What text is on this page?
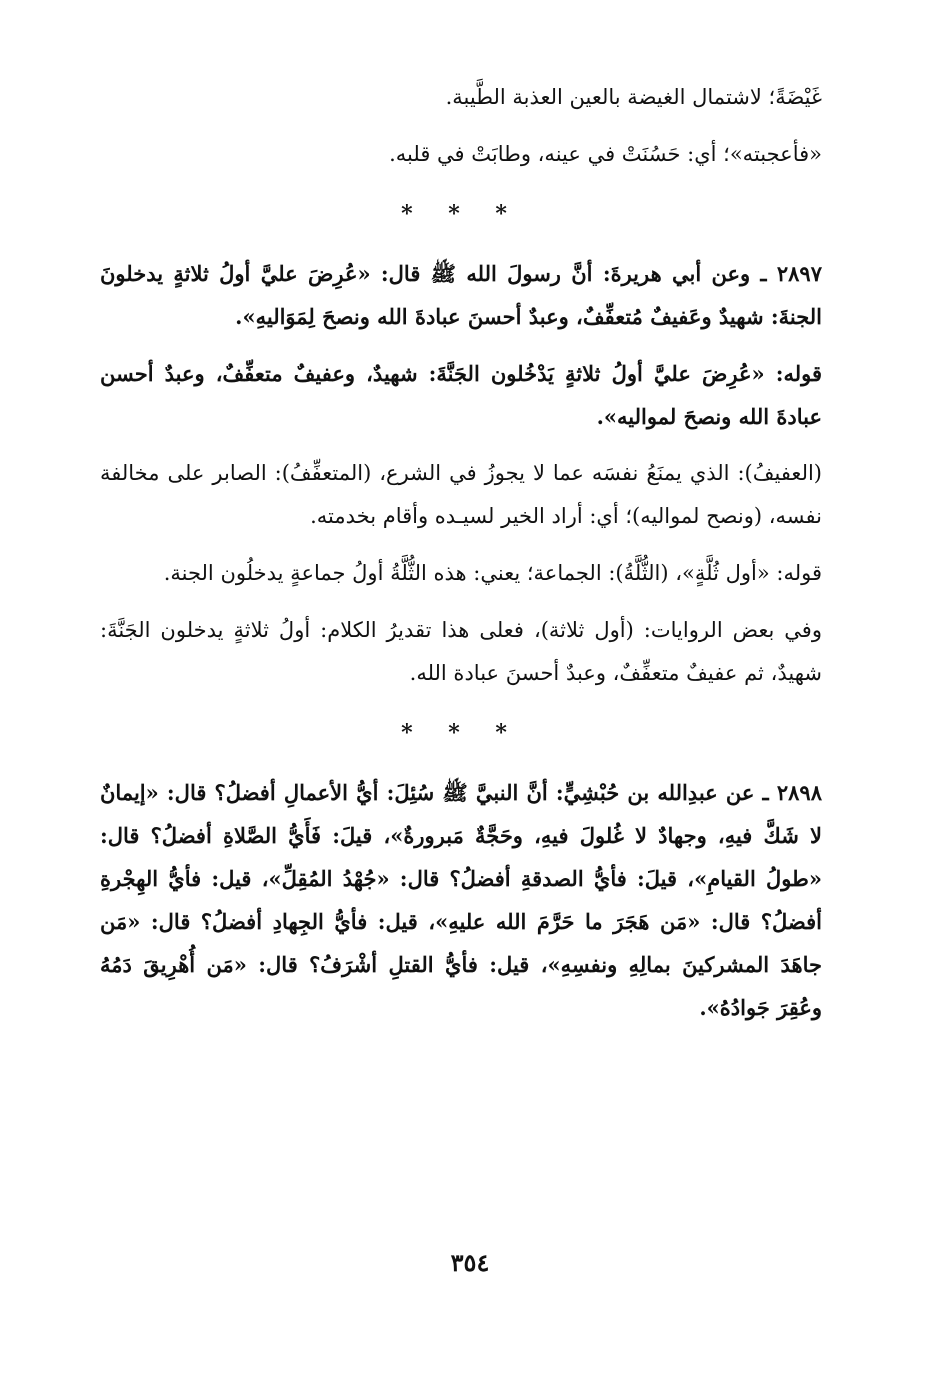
غَيْضَةً؛ لاشتمال الغيضة بالعين العذبة الطَّيبة.

«فأعجبته»؛ أي: حَسُنَتْ في عينه، وطابَتْ في قلبه.

* * *

٢٨٩٧ ـ وعن أبي هريرةَ: أنَّ رسولَ الله ﷺ قال: «عُرِضَ عليَّ أولُ ثلاثةٍ يدخلونَ الجنةَ: شهيدٌ وعَفيفٌ مُتعفِّفٌ، وعبدٌ أحسنَ عبادةَ الله ونصحَ لِمَوَاليهِ».

قوله: «عُرِضَ عليَّ أولُ ثلاثةٍ يَدْخُلون الجَنَّةَ: شهيدٌ، وعفيفٌ متعفِّفٌ، وعبدٌ أحسن عبادةَ الله ونصحَ لمواليه».

(العفيفُ): الذي يمنَعُ نفسَه عما لا يجوزُ في الشرع، (المتعفِّفُ): الصابر على مخالفة نفسه، (ونصح لمواليه)؛ أي: أراد الخير لسيـده وأقام بخدمته.

قوله: «أول ثُلَّةٍ»، (الثُّلَّةُ): الجماعة؛ يعني: هذه الثُّلَّةُ أولُ جماعةٍ يدخلُون الجنة.

وفي بعض الروايات: (أول ثلاثة)، فعلى هذا تقديرُ الكلام: أولُ ثلاثةٍ يدخلون الجَنَّةَ: شهيدٌ، ثم عفيفٌ متعفِّفٌ، وعبدٌ أحسنَ عبادة الله.

* * *

٢٨٩٨ ـ عن عبدِالله بن حُبْشِيٍّ: أنَّ النبيَّ ﷺ سُئِلَ: أيُّ الأعمالِ أفضلُ؟ قال: «إيمانٌ لا شَكَّ فيهِ، وجهادٌ لا غُلولَ فيهِ، وحَجَّةٌ مَبرورةٌ»، قيلَ: فَأَيُّ الصَّلاةِ أفضلُ؟ قال: «طولُ القيامِ»، قيلَ: فأيُّ الصدقةِ أفضلُ؟ قال: «جُهْدُ المُقِلِّ»، قيل: فأيُّ الهِجْرةِ أفضلُ؟ قال: «مَن هَجَرَ ما حَرَّمَ الله عليهِ»، قيل: فأيُّ الجِهادِ أفضلُ؟ قال: «مَن جاهَدَ المشركينَ بمالِهِ ونفسِهِ»، قيل: فأيُّ القتلِ أشْرَفُ؟ قال: «مَن أُهْرِيقَ دَمُهُ وعُقِرَ جَوادُهُ».

٣٥٤
